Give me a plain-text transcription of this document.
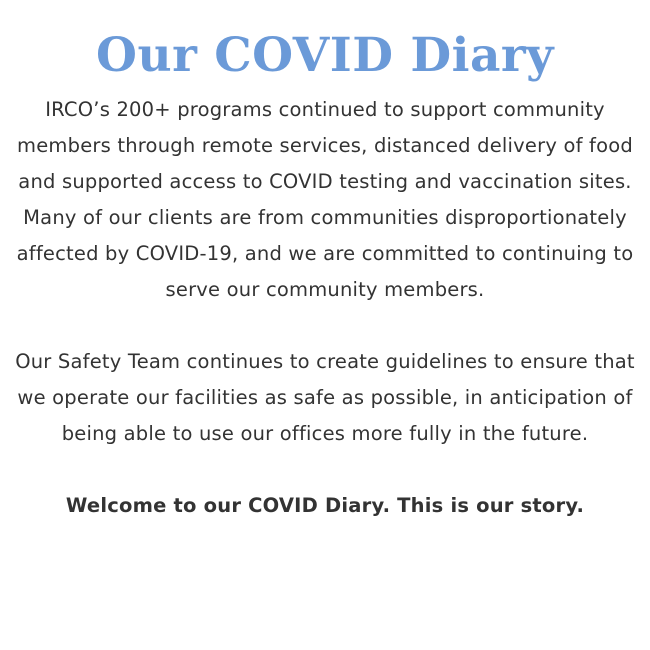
Our COVID Diary

IRCO’s 200+ programs continued to support community members through remote services, distanced delivery of food and supported access to COVID testing and vaccination sites. Many of our clients are from communities disproportionately affected by COVID-19, and we are committed to continuing to serve our community members.

Our Safety Team continues to create guidelines to ensure that we operate our facilities as safe as possible, in anticipation of being able to use our offices more fully in the future.

Welcome to our COVID Diary. This is our story.
